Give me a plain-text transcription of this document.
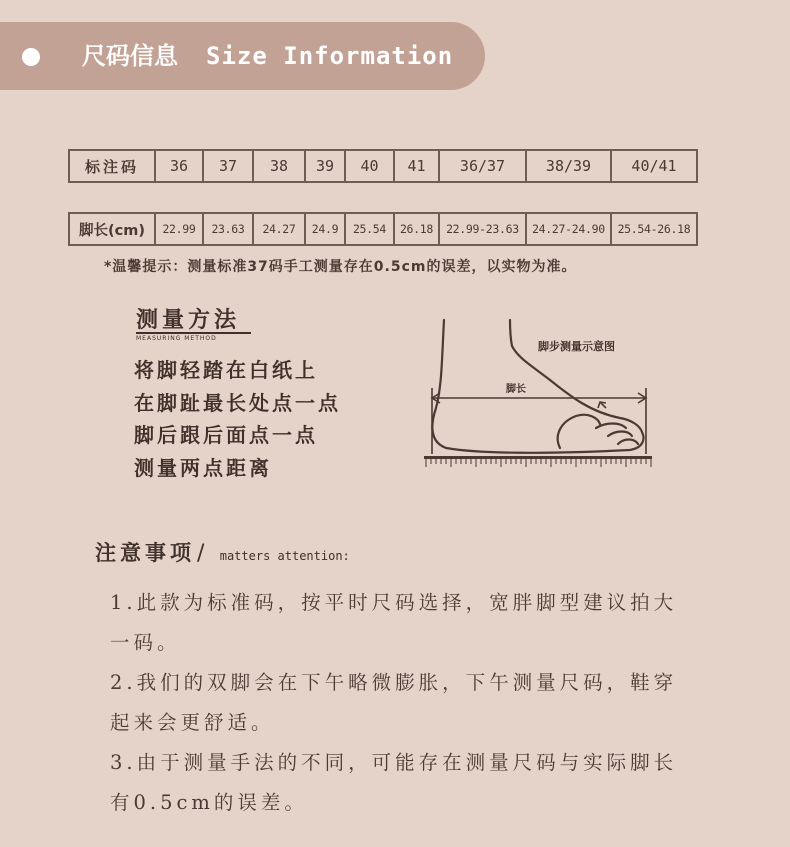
尺码信息 Size Information
标注码	36	37	38	39	40	41	36/37	38/39	40/41
脚长(cm)	22.99	23.63	24.27	24.9	25.54	26.18	22.99-23.63	24.27-24.90	25.54-26.18
*温馨提示：测量标准37码手工测量存在0.5cm的误差，以实物为准。
测量方法
MEASURING METHOD
将脚轻踏在白纸上
在脚趾最长处点一点
脚后跟后面点一点
测量两点距离
脚步测量示意图
脚长
注意事项/ matters attention:

1.此款为标准码，按平时尺码选择，宽胖脚型建议拍大一码。

2.我们的双脚会在下午略微膨胀，下午测量尺码，鞋穿起来会更舒适。

3.由于测量手法的不同，可能存在测量尺码与实际脚长有0.5cm的误差。
